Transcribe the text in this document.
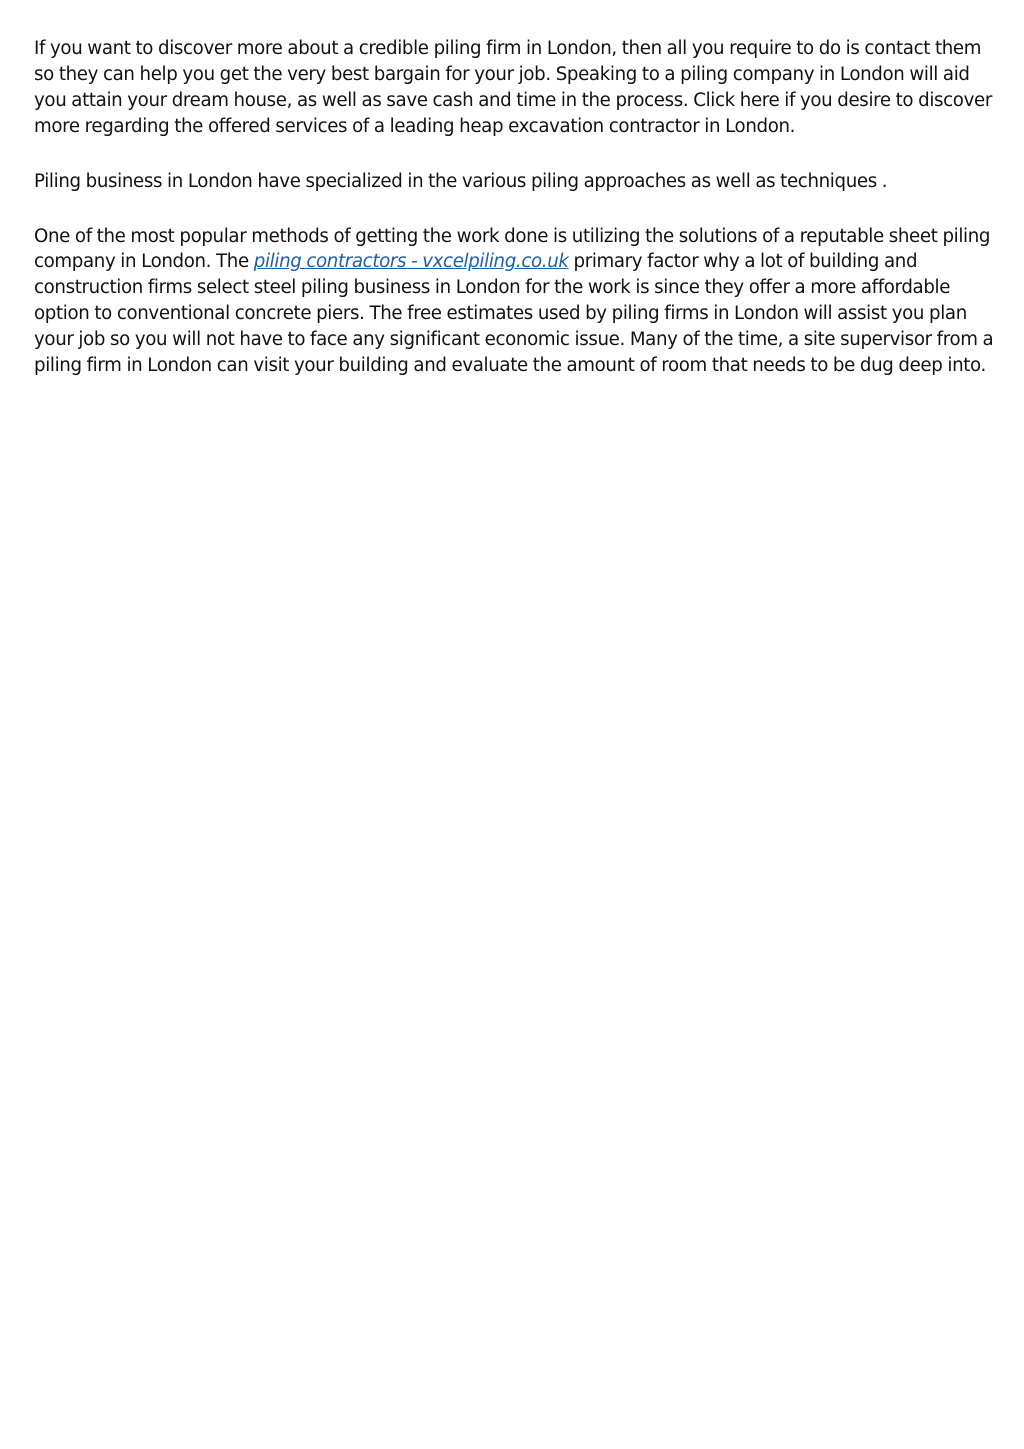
If you want to discover more about a credible piling firm in London, then all you require to do is contact them so they can help you get the very best bargain for your job. Speaking to a piling company in London will aid you attain your dream house, as well as save cash and time in the process. Click here if you desire to discover more regarding the offered services of a leading heap excavation contractor in London.

Piling business in London have specialized in the various piling approaches as well as techniques .

One of the most popular methods of getting the work done is utilizing the solutions of a reputable sheet piling company in London. The piling contractors - vxcelpiling.co.uk primary factor why a lot of building and construction firms select steel piling business in London for the work is since they offer a more affordable option to conventional concrete piers. The free estimates used by piling firms in London will assist you plan your job so you will not have to face any significant economic issue. Many of the time, a site supervisor from a piling firm in London can visit your building and evaluate the amount of room that needs to be dug deep into.
